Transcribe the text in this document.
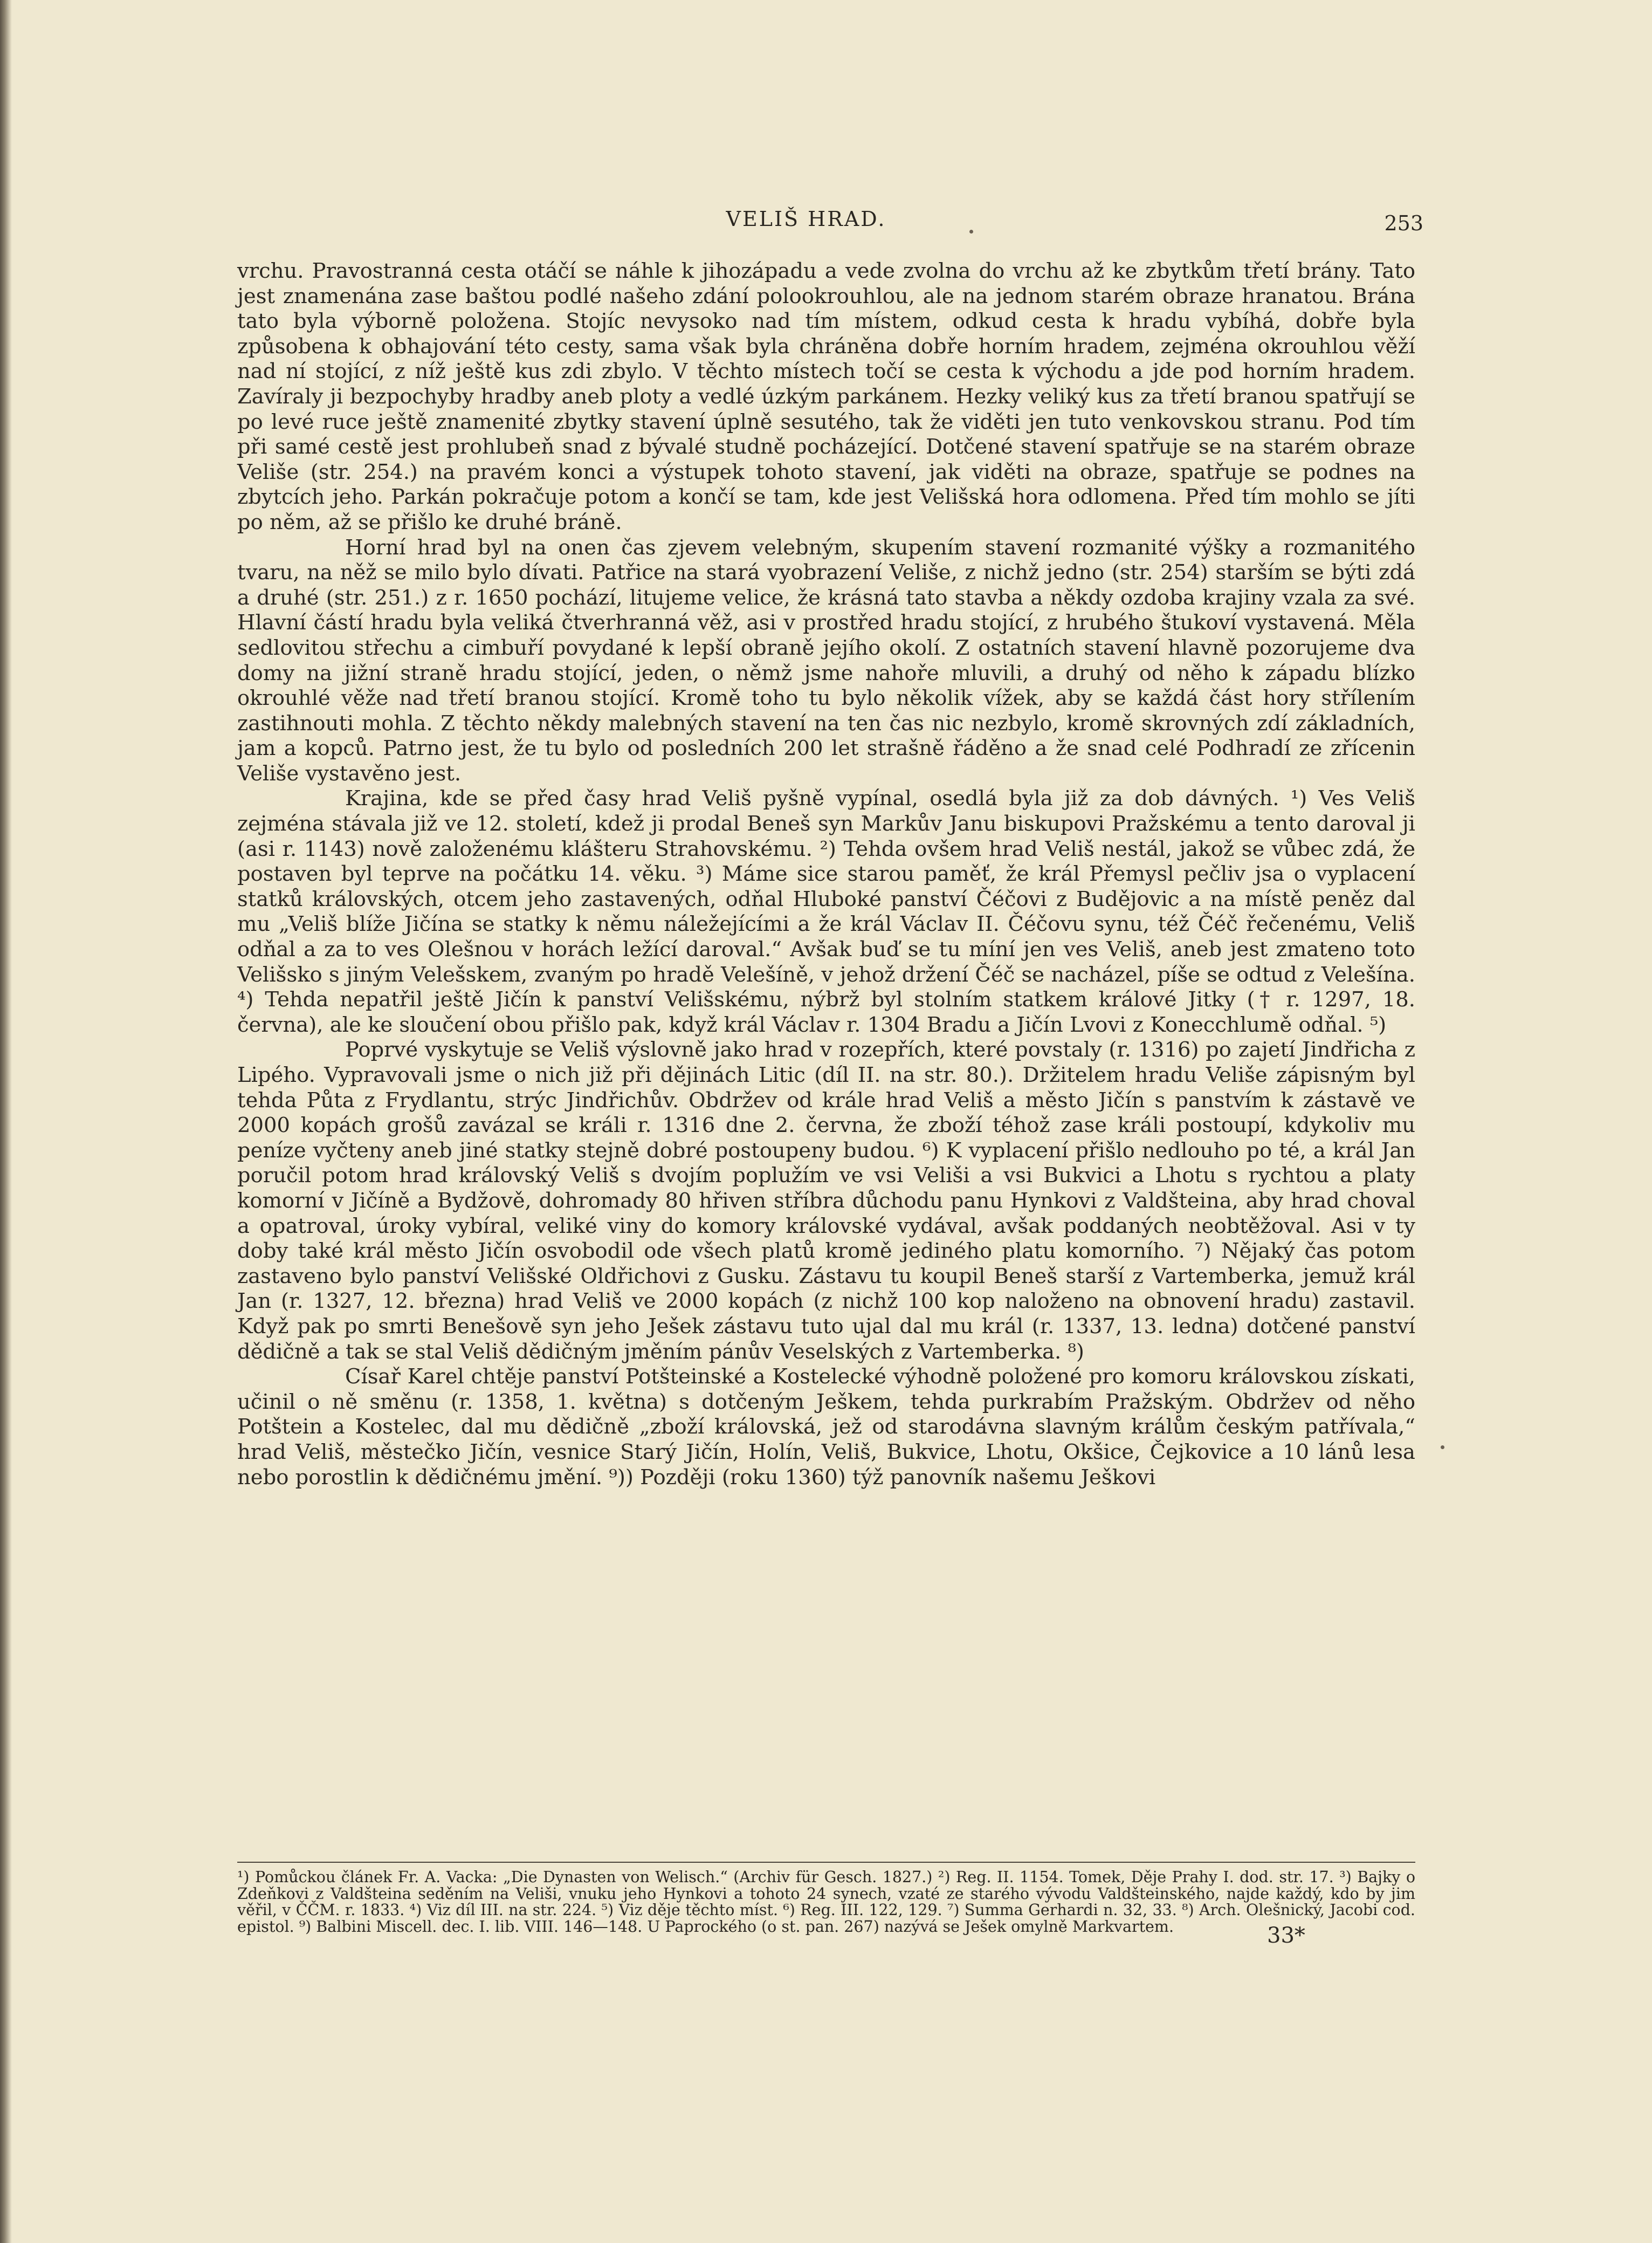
VELIŠ HRAD.	253

vrchu. Pravostranná cesta otáčí se náhle k jihozápadu a vede zvolna do vrchu až ke zbytkům třetí brány. Tato jest znamenána zase baštou podlé našeho zdání polookrouhlou, ale na jednom starém obraze hranatou. Brána tato byla výborně položena. Stojíc nevysoko nad tím místem, odkud cesta k hradu vybíhá, dobře byla způsobena k obhajování této cesty, sama však byla chráněna dobře horním hradem, zejména okrouhlou věží nad ní stojící, z níž ještě kus zdi zbylo. V těchto místech točí se cesta k východu a jde pod horním hradem. Zavíraly ji bezpochyby hradby aneb ploty a vedlé úzkým parkánem. Hezky veliký kus za třetí branou spatřují se po levé ruce ještě znamenité zbytky stavení úplně sesutého, tak že viděti jen tuto venkovskou stranu. Pod tím při samé cestě jest prohlubeň snad z bývalé studně pocházející. Dotčené stavení spatřuje se na starém obraze Veliše (str. 254.) na pravém konci a výstupek tohoto stavení, jak viděti na obraze, spatřuje se podnes na zbytcích jeho. Parkán pokračuje potom a končí se tam, kde jest Velišská hora odlomena. Před tím mohlo se jíti po něm, až se přišlo ke druhé bráně.

Horní hrad byl na onen čas zjevem velebným, skupením stavení rozmanité výšky a rozmanitého tvaru, na něž se milo bylo dívati. Patřice na stará vyobrazení Veliše, z nichž jedno (str. 254) starším se býti zdá a druhé (str. 251.) z r. 1650 pochází, litujeme velice, že krásná tato stavba a někdy ozdoba krajiny vzala za své. Hlavní částí hradu byla veliká čtverhranná věž, asi v prostřed hradu stojící, z hrubého štukoví vystavená. Měla sedlovitou střechu a cimbuří povydané k lepší obraně jejího okolí. Z ostatních stavení hlavně pozorujeme dva domy na jižní straně hradu stojící, jeden, o němž jsme nahoře mluvili, a druhý od něho k západu blízko okrouhlé věže nad třetí branou stojící. Kromě toho tu bylo několik vížek, aby se každá část hory střílením zastihnouti mohla. Z těchto někdy malebných stavení na ten čas nic nezbylo, kromě skrovných zdí základních, jam a kopců. Patrno jest, že tu bylo od posledních 200 let strašně řáděno a že snad celé Podhradí ze zřícenin Veliše vystavěno jest.

Krajina, kde se před časy hrad Veliš pyšně vypínal, osedlá byla již za dob dávných. ¹) Ves Veliš zejména stávala již ve 12. století, kdež ji prodal Beneš syn Markův Janu biskupovi Pražskému a tento daroval ji (asi r. 1143) nově založenému klášteru Strahovskému. ²) Tehda ovšem hrad Veliš nestál, jakož se vůbec zdá, že postaven byl teprve na počátku 14. věku. ³) Máme sice starou paměť, že král Přemysl pečliv jsa o vyplacení statků královských, otcem jeho zastavených, odňal Hluboké panství Čéčovi z Budějovic a na místě peněz dal mu „Veliš blíže Jičína se statky k němu náležejícími a že král Václav II. Čéčovu synu, též Čéč řečenému, Veliš odňal a za to ves Olešnou v horách ležící daroval.“ Avšak buď se tu míní jen ves Veliš, aneb jest zmateno toto Velišsko s jiným Velešskem, zvaným po hradě Velešíně, v jehož držení Čéč se nacházel, píše se odtud z Velešína. ⁴) Tehda nepatřil ještě Jičín k panství Velišskému, nýbrž byl stolním statkem králové Jitky († r. 1297, 18. června), ale ke sloučení obou přišlo pak, když král Václav r. 1304 Bradu a Jičín Lvovi z Konecchlumě odňal. ⁵)

Poprvé vyskytuje se Veliš výslovně jako hrad v rozepřích, které povstaly (r. 1316) po zajetí Jindřicha z Lipého. Vypravovali jsme o nich již při dějinách Litic (díl II. na str. 80.). Držitelem hradu Veliše zápisným byl tehda Půta z Frydlantu, strýc Jindřichův. Obdržev od krále hrad Veliš a město Jičín s panstvím k zástavě ve 2000 kopách grošů zavázal se králi r. 1316 dne 2. června, že zboží téhož zase králi postoupí, kdykoliv mu peníze vyčteny aneb jiné statky stejně dobré postoupeny budou. ⁶) K vyplacení přišlo nedlouho po té, a král Jan poručil potom hrad královský Veliš s dvojím poplužím ve vsi Veliši a vsi Bukvici a Lhotu s rychtou a platy komorní v Jičíně a Bydžově, dohromady 80 hřiven stříbra důchodu panu Hynkovi z Valdšteina, aby hrad choval a opatroval, úroky vybíral, veliké viny do komory královské vydával, avšak poddaných neobtěžoval. Asi v ty doby také král město Jičín osvobodil ode všech platů kromě jediného platu komorního. ⁷) Nějaký čas potom zastaveno bylo panství Velišské Oldřichovi z Gusku. Zástavu tu koupil Beneš starší z Vartemberka, jemuž král Jan (r. 1327, 12. března) hrad Veliš ve 2000 kopách (z nichž 100 kop naloženo na obnovení hradu) zastavil. Když pak po smrti Benešově syn jeho Ješek zástavu tuto ujal dal mu král (r. 1337, 13. ledna) dotčené panství dědičně a tak se stal Veliš dědičným jměním pánův Veselských z Vartemberka. ⁸)

Císař Karel chtěje panství Potšteinské a Kostelecké výhodně položené pro komoru královskou získati, učinil o ně směnu (r. 1358, 1. května) s dotčeným Ješkem, tehda purkrabím Pražským. Obdržev od něho Potštein a Kostelec, dal mu dědičně „zboží královská, jež od starodávna slavným králům českým patřívala,“ hrad Veliš, městečko Jičín, vesnice Starý Jičín, Holín, Veliš, Bukvice, Lhotu, Okšice, Čejkovice a 10 lánů lesa nebo porostlin k dědičnému jmění. ⁹)) Později (roku 1360) týž panovník našemu Ješkovi

¹) Pomůckou článek Fr. A. Vacka: „Die Dynasten von Welisch.“ (Archiv für Gesch. 1827.) ²) Reg. II. 1154. Tomek, Děje Prahy I. dod. str. 17. ³) Bajky o Zdeňkovi z Valdšteina seděním na Veliši, vnuku jeho Hynkovi a tohoto 24 synech, vzaté ze starého vývodu Valdšteinského, najde každý, kdo by jim věřil, v ČČM. r. 1833. ⁴) Viz díl III. na str. 224. ⁵) Viz děje těchto míst. ⁶) Reg. III. 122, 129. ⁷) Summa Gerhardi n. 32, 33. ⁸) Arch. Olešnický, Jacobi cod. epistol. ⁹) Balbini Miscell. dec. I. lib. VIII. 146—148. U Paprockého (o st. pan. 267) nazývá se Ješek omylně Markvartem.	33*
